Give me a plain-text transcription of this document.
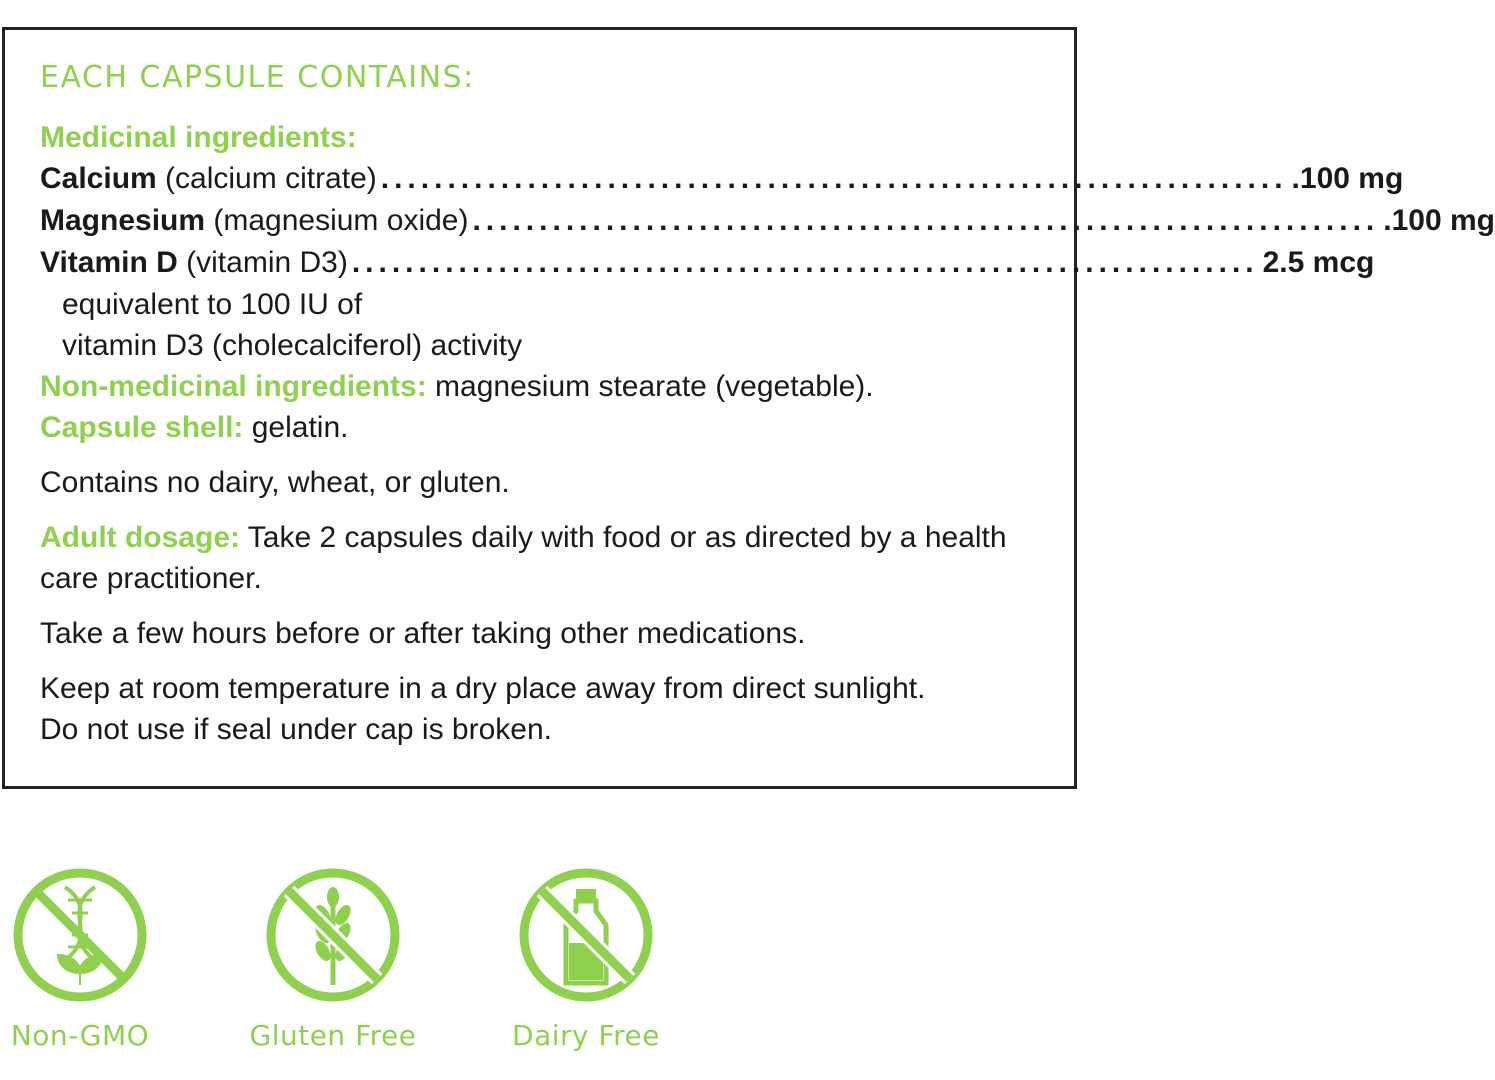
EACH CAPSULE CONTAINS:
Medicinal ingredients:
Calcium (calcium citrate) .................................................................... .100 mg
Magnesium (magnesium oxide) .................................................................... .100 mg
Vitamin D (vitamin D3) .................................................................... 2.5 mcg
equivalent to 100 IU of
vitamin D3 (cholecalciferol) activity
Non-medicinal ingredients: magnesium stearate (vegetable).
Capsule shell: gelatin.
Contains no dairy, wheat, or gluten.
Adult dosage: Take 2 capsules daily with food or as directed by a health care practitioner.
Take a few hours before or after taking other medications.
Keep at room temperature in a dry place away from direct sunlight.
Do not use if seal under cap is broken.
Non-GMO	Gluten Free	Dairy Free
